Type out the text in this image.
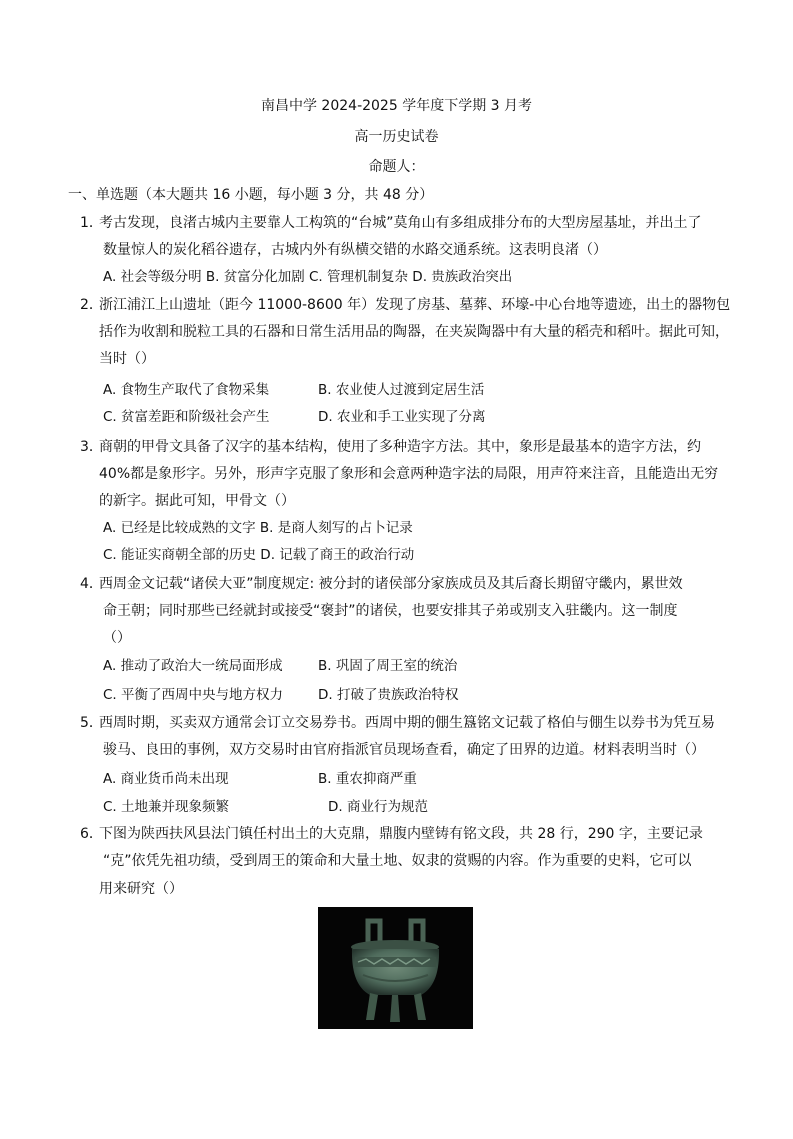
南昌中学 2024-2025 学年度下学期 3 月考
高一历史试卷
命题人：
一、单选题（本大题共 16 小题，每小题 3 分，共 48 分）
1．
考古发现，良渚古城内主要靠人工构筑的“台城”莫角山有多组成排分布的大型房屋基址，并出土了
数量惊人的炭化稻谷遗存，古城内外有纵横交错的水路交通系统。这表明良渚（）
A. 社会等级分明 B. 贫富分化加剧 C. 管理机制复杂 D. 贵族政治突出
2．
浙江浦江上山遗址（距今 11000-8600 年）发现了房基、墓葬、环壕-中心台地等遗迹，出土的器物包
括作为收割和脱粒工具的石器和日常生活用品的陶器，在夹炭陶器中有大量的稻壳和稻叶。据此可知，
当时（）
A. 食物生产取代了食物采集	B. 农业使人过渡到定居生活
C. 贫富差距和阶级社会产生	D. 农业和手工业实现了分离
3．
商朝的甲骨文具备了汉字的基本结构，使用了多种造字方法。其中，象形是最基本的造字方法，约
40%都是象形字。另外，形声字克服了象形和会意两种造字法的局限，用声符来注音，且能造出无穷
的新字。据此可知，甲骨文（）
A. 已经是比较成熟的文字 B. 是商人刻写的占卜记录
C. 能证实商朝全部的历史 D. 记载了商王的政治行动
4．
西周金文记载“诸侯大亚”制度规定: 被分封的诸侯部分家族成员及其后裔长期留守畿内，累世效
命王朝；同时那些已经就封或接受“褒封”的诸侯，也要安排其子弟或别支入驻畿内。这一制度
（）
A. 推动了政治大一统局面形成	B. 巩固了周王室的统治
C. 平衡了西周中央与地方权力	D. 打破了贵族政治特权
5．
西周时期，买卖双方通常会订立交易券书。西周中期的倗生簋铭文记载了格伯与倗生以券书为凭互易
骏马、良田的事例，双方交易时由官府指派官员现场查看，确定了田界的边道。材料表明当时（）
A. 商业货币尚未出现	B. 重农抑商严重
C. 土地兼并现象频繁	D. 商业行为规范
6．
下图为陕西扶风县法门镇任村出土的大克鼎，鼎腹内壁铸有铭文段，共 28 行，290 字，主要记录
“克”依凭先祖功绩，受到周王的策命和大量土地、奴隶的赏赐的内容。作为重要的史料，它可以
用来研究（）
